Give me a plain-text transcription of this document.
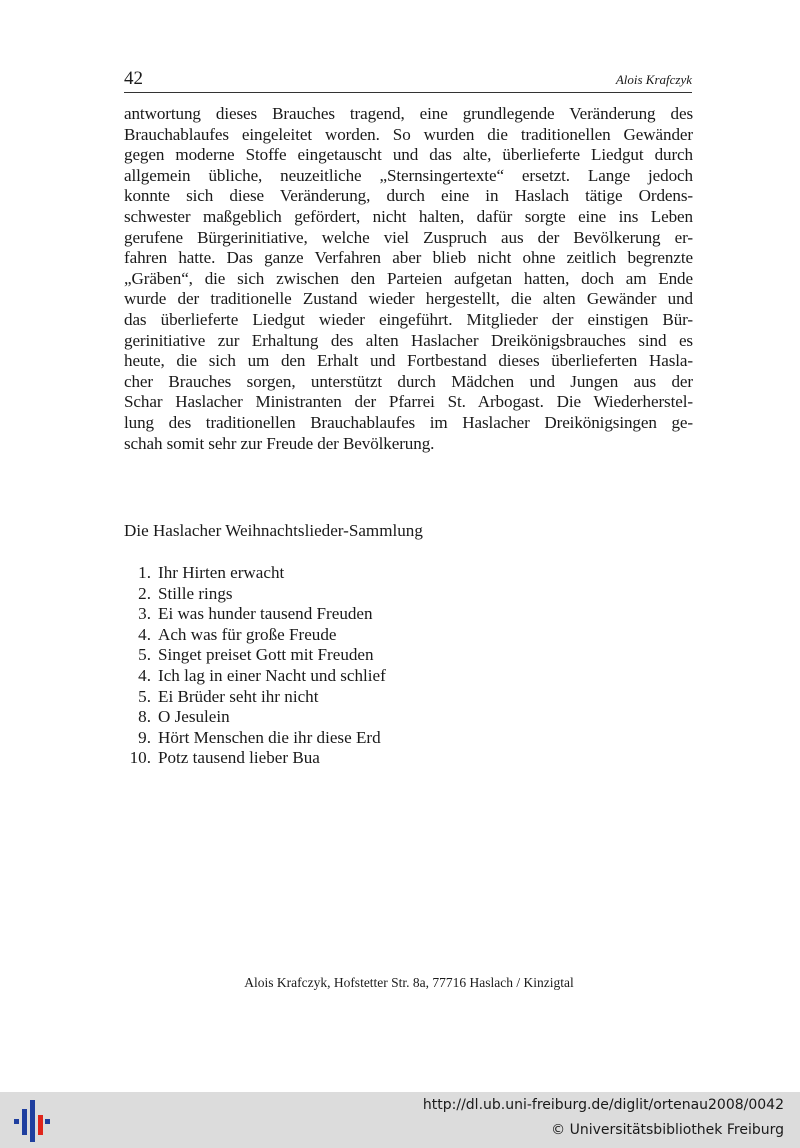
42	Alois Krafczyk
antwortung dieses Brauches tragend, eine grundlegende Veränderung des
Brauchablaufes eingeleitet worden. So wurden die traditionellen Gewänder
gegen moderne Stoffe eingetauscht und das alte, überlieferte Liedgut durch
allgemein übliche, neuzeitliche „Sternsingertexte“ ersetzt. Lange jedoch
konnte sich diese Veränderung, durch eine in Haslach tätige Ordens-
schwester maßgeblich gefördert, nicht halten, dafür sorgte eine ins Leben
gerufene Bürgerinitiative, welche viel Zuspruch aus der Bevölkerung er-
fahren hatte. Das ganze Verfahren aber blieb nicht ohne zeitlich begrenzte
„Gräben“, die sich zwischen den Parteien aufgetan hatten, doch am Ende
wurde der traditionelle Zustand wieder hergestellt, die alten Gewänder und
das überlieferte Liedgut wieder eingeführt. Mitglieder der einstigen Bür-
gerinitiative zur Erhaltung des alten Haslacher Dreikönigsbrauches sind es
heute, die sich um den Erhalt und Fortbestand dieses überlieferten Hasla-
cher Brauches sorgen, unterstützt durch Mädchen und Jungen aus der
Schar Haslacher Ministranten der Pfarrei St. Arbogast. Die Wiederherstel-
lung des traditionellen Brauchablaufes im Haslacher Dreikönigsingen ge-
schah somit sehr zur Freude der Bevölkerung.
Die Haslacher Weihnachtslieder-Sammlung
1. Ihr Hirten erwacht
2. Stille rings
3. Ei was hunder tausend Freuden
4. Ach was für große Freude
5. Singet preiset Gott mit Freuden
4. Ich lag in einer Nacht und schlief
5. Ei Brüder seht ihr nicht
8. O Jesulein
9. Hört Menschen die ihr diese Erd
10. Potz tausend lieber Bua
Alois Krafczyk, Hofstetter Str. 8a, 77716 Haslach / Kinzigtal
http://dl.ub.uni-freiburg.de/diglit/ortenau2008/0042
© Universitätsbibliothek Freiburg
